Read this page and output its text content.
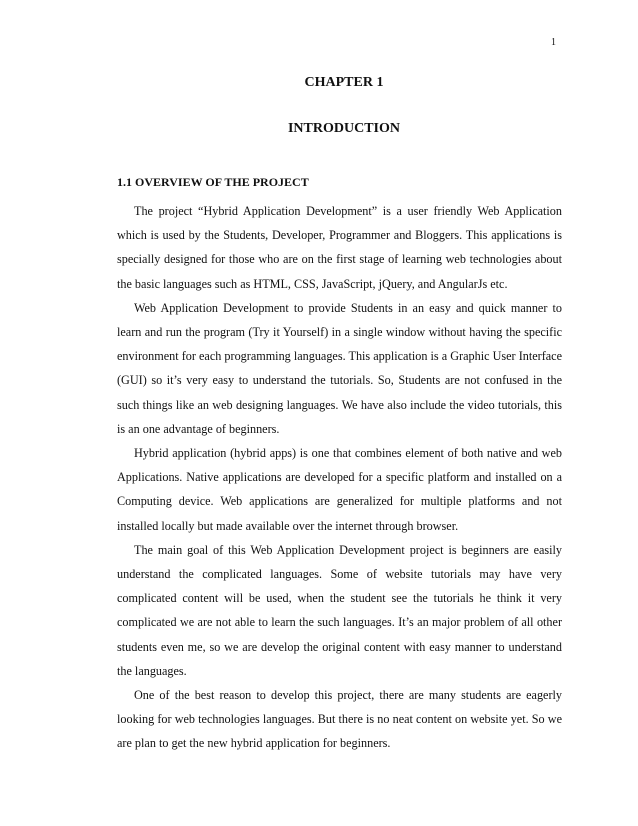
1
CHAPTER 1
INTRODUCTION
1.1 OVERVIEW OF THE PROJECT

The project “Hybrid Application Development” is a user friendly Web Application which is used by the Students, Developer, Programmer and Bloggers. This applications is specially designed for those who are on the first stage of learning web technologies about the basic languages such as HTML, CSS, JavaScript, jQuery, and AngularJs etc.

Web Application Development to provide Students in an easy and quick manner to learn and run the program (Try it Yourself) in a single window without having the specific environment for each programming languages. This application is a Graphic User Interface (GUI) so it’s very easy to understand the tutorials. So, Students are not confused in the such things like an web designing languages. We have also include the video tutorials, this is an one advantage of beginners.

Hybrid application (hybrid apps) is one that combines element of both native and web Applications. Native applications are developed for a specific platform and installed on a Computing device. Web applications are generalized for multiple platforms and not installed locally but made available over the internet through browser.

The main goal of this Web Application Development project is beginners are easily understand the complicated languages. Some of website tutorials may have very complicated content will be used, when the student see the tutorials he think it very complicated we are not able to learn the such languages. It’s an major problem of all other students even me, so we are develop the original content with easy manner to understand the languages.

One of the best reason to develop this project, there are many students are eagerly looking for web technologies languages. But there is no neat content on website yet. So we are plan to get the new hybrid application for beginners.
